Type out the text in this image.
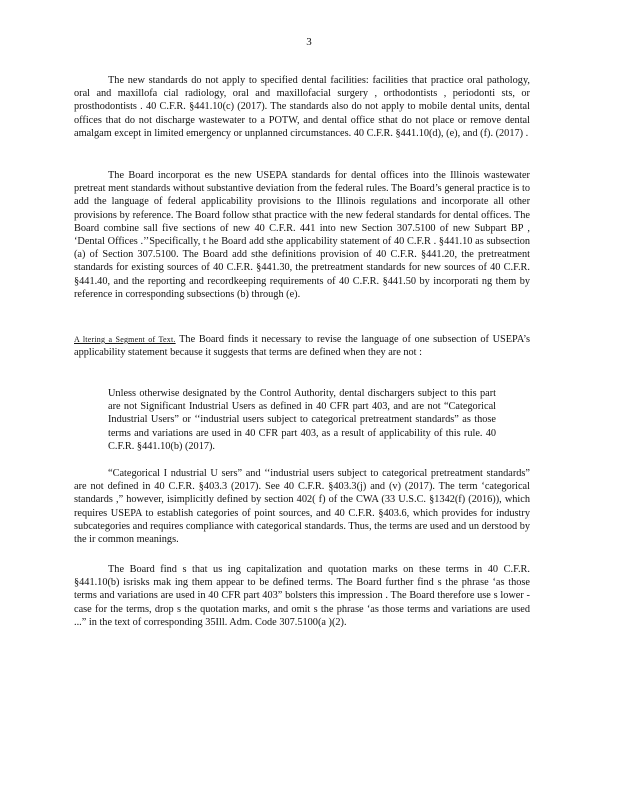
3

The new standards do not apply to specified dental facilities: facilities that practice oral pathology, oral and maxillofa cial radiology, oral and maxillofacial surgery , orthodontists , periodonti sts, or prosthodontists . 40 C.F.R. §441.10(c) (2017). The standards also do not apply to mobile dental units, dental offices that do not discharge wastewater to a POTW, and dental office sthat do not place or remove dental amalgam except in limited emergency or unplanned circumstances. 40 C.F.R. §441.10(d), (e), and (f). (2017) .

The Board incorporat es the new USEPA standards for dental offices into the Illinois wastewater pretreat ment standards without substantive deviation from the federal rules. The Board’s general practice is to add the language of federal applicability provisions to the Illinois regulations and incorporate all other provisions by reference. The Board follow sthat practice with the new federal standards for dental offices. The Board combine sall five sections of new 40 C.F.R. 441 into new Section 307.5100 of new Subpart BP , ‘Dental Offices .’’Specifically, t he Board add sthe applicability statement of 40 C.F.R . §441.10 as subsection (a) of Section 307.5100. The Board add sthe definitions provision of 40 C.F.R. §441.20, the pretreatment standards for existing sources of 40 C.F.R. §441.30, the pretreatment standards for new sources of 40 C.F.R. §441.40, and the reporting and recordkeeping requirements of 40 C.F.R. §441.50 by incorporati ng them by reference in corresponding subsections (b) through (e).

A ltering a Segment of Text. The Board finds it necessary to revise the language of one subsection of USEPA’s applicability statement because it suggests that terms are defined when they are not :

Unless otherwise designated by the Control Authority, dental dischargers subject to this part are not Significant Industrial Users as defined in 40 CFR part 403, and are not “Categorical Industrial Users” or ‘‘industrial users subject to categorical pretreatment standards” as those terms and variations are used in 40 CFR part 403, as a result of applicability of this rule. 40 C.F.R. §441.10(b) (2017).

“Categorical I ndustrial U sers” and ‘‘industrial users subject to categorical pretreatment standards” are not defined in 40 C.F.R. §403.3 (2017). See 40 C.F.R. §403.3(j) and (v) (2017). The term ‘categorical standards ,” however, isimplicitly defined by section 402( f) of the CWA (33 U.S.C. §1342(f) (2016)), which requires USEPA to establish categories of point sources, and 40 C.F.R. §403.6, which provides for industry subcategories and requires compliance with categorical standards. Thus, the terms are used and un derstood by the ir common meanings.

The Board find s that us ing capitalization and quotation marks on these terms in 40 C.F.R. §441.10(b) isrisks mak ing them appear to be defined terms. The Board further find s the phrase ‘as those terms and variations are used in 40 CFR part 403” bolsters this impression . The Board therefore use s lower - case for the terms, drop s the quotation marks, and omit s the phrase ‘as those terms and variations are used ...” in the text of corresponding 35Ill. Adm. Code 307.5100(a )(2).
